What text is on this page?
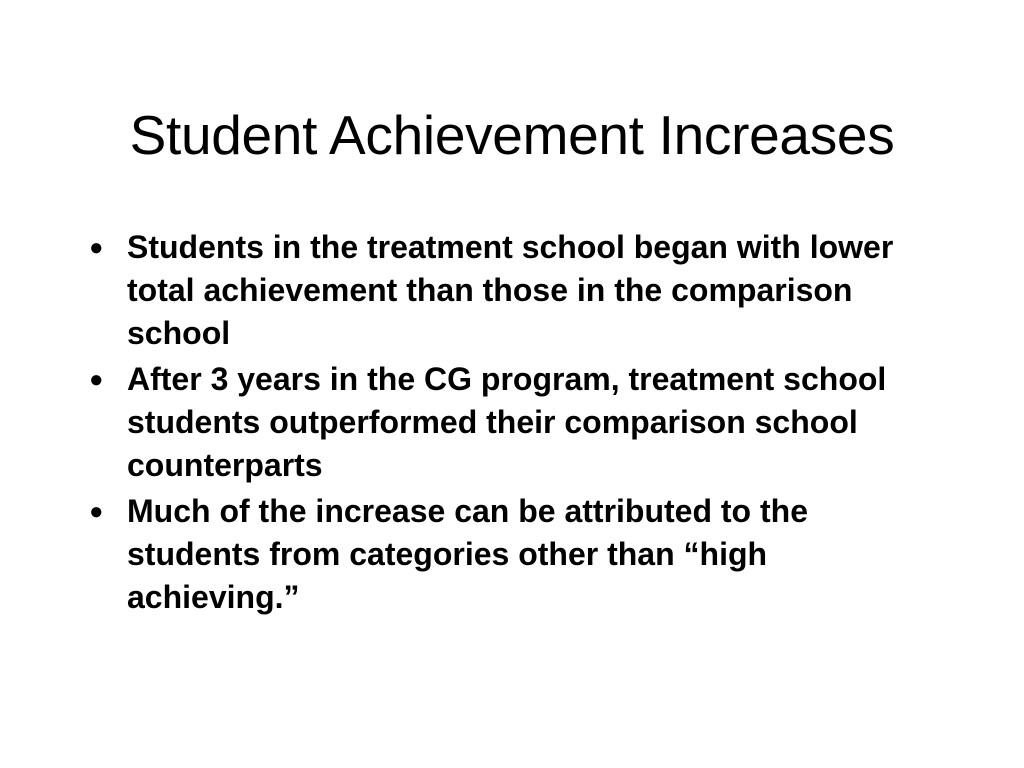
Student Achievement Increases
● Students in the treatment school began with lower total achievement than those in the comparison school
● After 3 years in the CG program, treatment school students outperformed their comparison school counterparts
● Much of the increase can be attributed to the students from categories other than “high achieving.”
